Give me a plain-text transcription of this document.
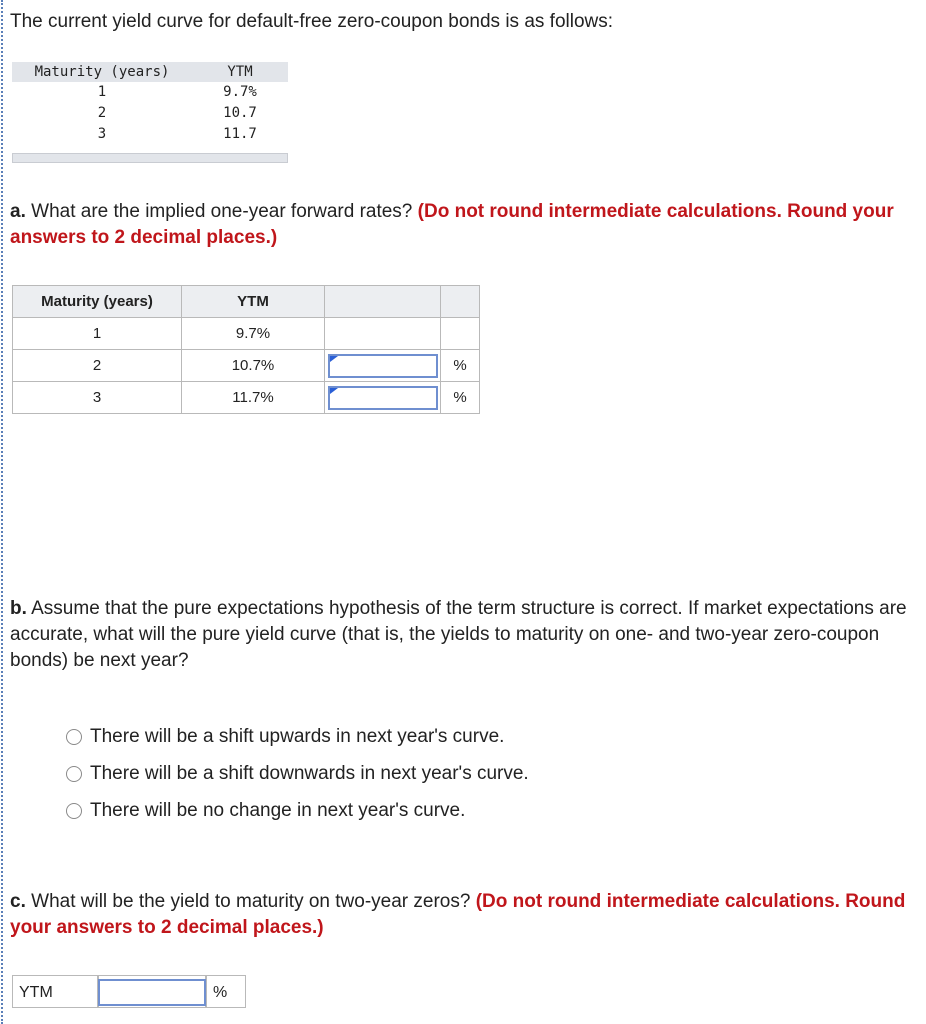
The current yield curve for default-free zero-coupon bonds is as follows:
Maturity (years)	YTM
1	9.7%
2	10.7
3	11.7
a. What are the implied one-year forward rates? (Do not round intermediate calculations. Round your answers to 2 decimal places.)
Maturity (years)	YTM		
1	9.7%		
2	10.7%		%
3	11.7%		%
b. Assume that the pure expectations hypothesis of the term structure is correct. If market expectations are accurate, what will the pure yield curve (that is, the yields to maturity on one- and two-year zero-coupon bonds) be next year?
There will be a shift upwards in next year's curve.
There will be a shift downwards in next year's curve.
There will be no change in next year's curve.
c. What will be the yield to maturity on two-year zeros? (Do not round intermediate calculations. Round your answers to 2 decimal places.)
YTM	%
